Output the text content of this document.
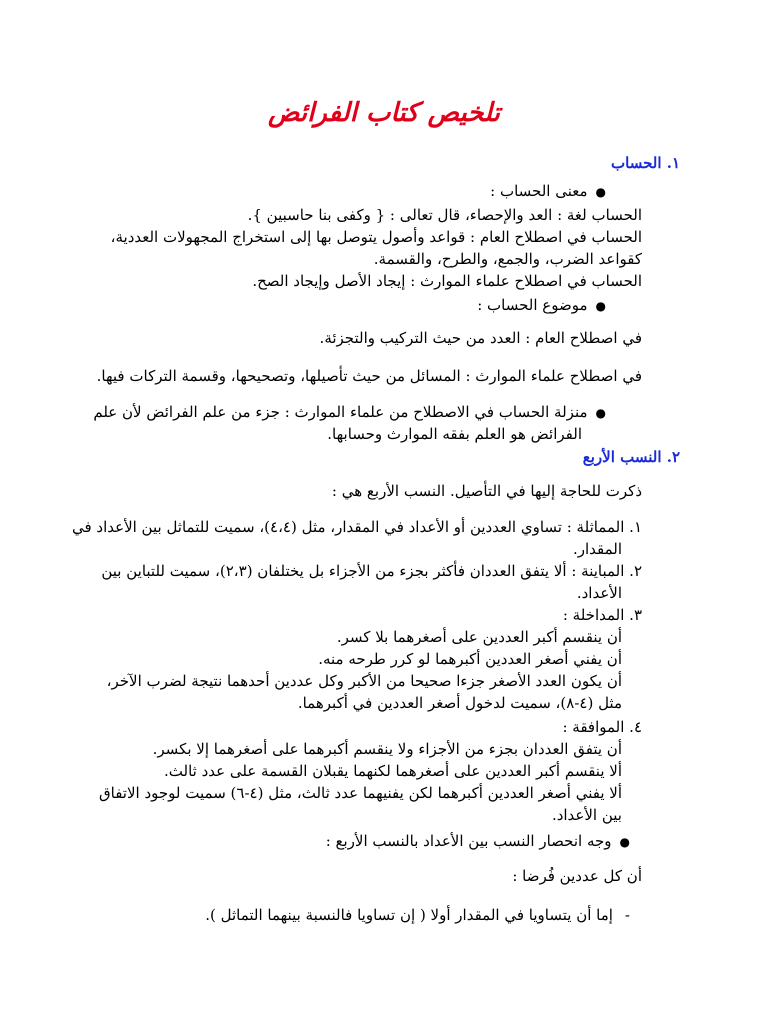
تلخيص كتاب الفرائض
١. الحساب
●معنى الحساب :
الحساب لغة : العد والإحصاء، قال تعالى : { وكفى بنا حاسبين }.
الحساب في اصطلاح العام : قواعد وأصول يتوصل بها إلى استخراج المجهولات العددية،
كقواعد الضرب، والجمع، والطرح، والقسمة.
الحساب في اصطلاح علماء الموارث : إيجاد الأصل وإيجاد الصح.
●موضوع الحساب :
في اصطلاح العام : العدد من حيث التركيب والتجزئة.
في اصطلاح علماء الموارث : المسائل من حيث تأصيلها، وتصحيحها، وقسمة التركات فيها.
●منزلة الحساب في الاصطلاح من علماء الموارث : جزء من علم الفرائض لأن علم
الفرائض هو العلم بفقه الموارث وحسابها.
٢. النسب الأربع
ذكرت للحاجة إليها في التأصيل. النسب الأربع هي :
١. المماثلة : تساوي العددين أو الأعداد في المقدار، مثل (٤،٤)، سميت للتماثل بين الأعداد في
المقدار.
٢. المباينة : ألا يتفق العددان فأكثر بجزء من الأجزاء بل يختلفان (٢،٣)، سميت للتباين بين
الأعداد.
٣. المداخلة :
أن ينقسم أكبر العددين على أصغرهما بلا كسر.
أن يفني أصغر العددين أكبرهما لو كرر طرحه منه.
أن يكون العدد الأصغر جزءا صحيحا من الأكبر وكل عددين أحدهما نتيجة لضرب الآخر،
مثل (٤-٨)، سميت لدخول أصغر العددين في أكبرهما.
٤. الموافقة :
أن يتفق العددان بجزء من الأجزاء ولا ينقسم أكبرهما على أصغرهما إلا بكسر.
ألا ينقسم أكبر العددين على أصغرهما لكنهما يقبلان القسمة على عدد ثالث.
ألا يفني أصغر العددين أكبرهما لكن يفنيهما عدد ثالث، مثل (٤-٦) سميت لوجود الاتفاق
بين الأعداد.
●وجه انحصار النسب بين الأعداد بالنسب الأربع :
أن كل عددين فُرضا :
-إما أن يتساويا في المقدار أولا ( إن تساويا فالنسبة بينهما التماثل ).
